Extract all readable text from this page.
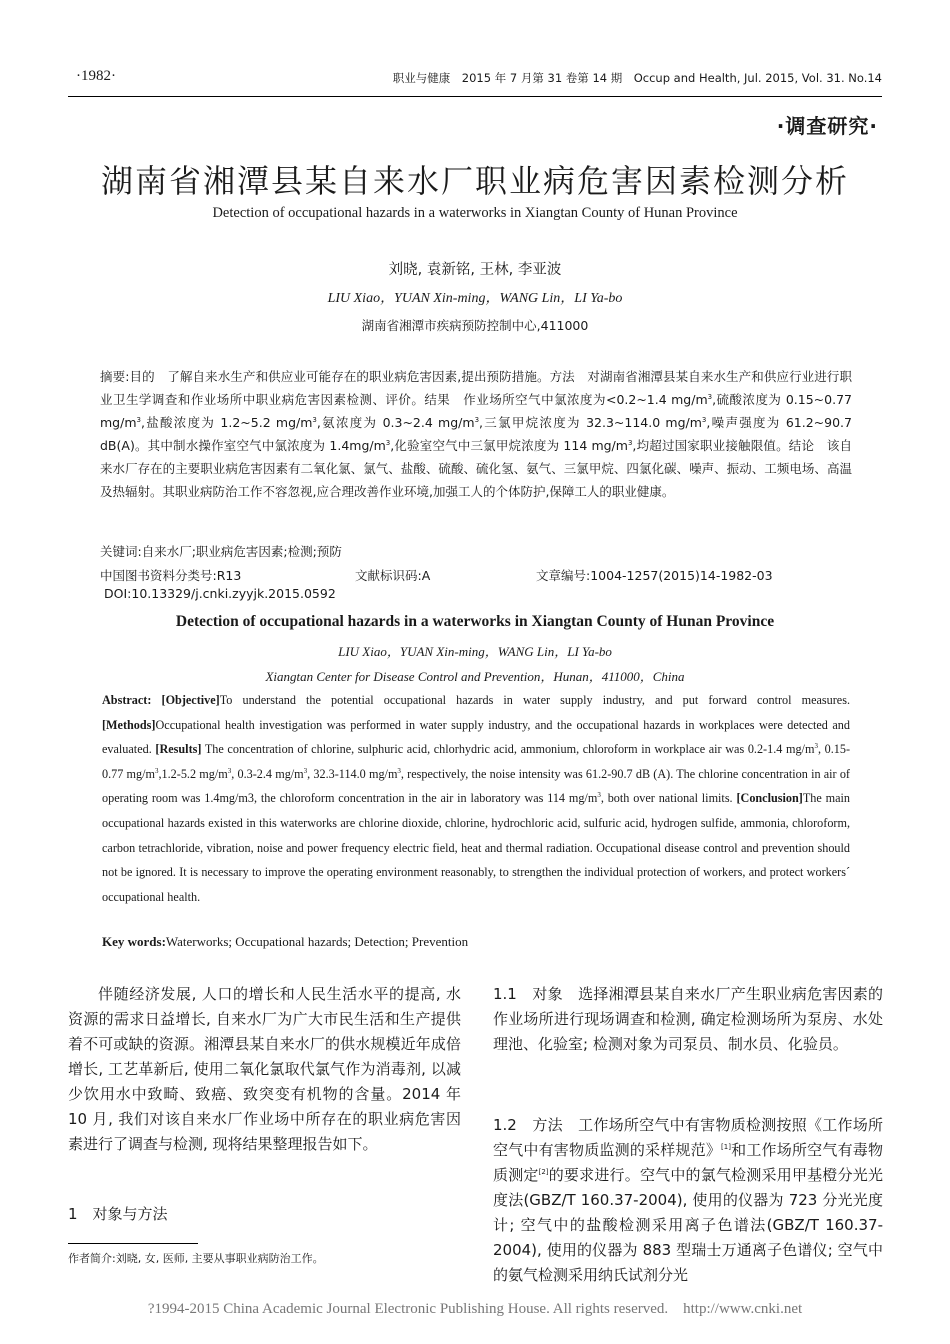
·1982·	职业与健康　2015 年 7 月第 31 卷第 14 期　Occup and Health, Jul. 2015, Vol. 31. No.14
·调查研究·
湖南省湘潭县某自来水厂职业病危害因素检测分析
Detection of occupational hazards in a waterworks in Xiangtan County of Hunan Province
刘晓, 袁新铭, 王林, 李亚波
LIU Xiao，YUAN Xin-ming，WANG Lin，LI Ya-bo
湖南省湘潭市疾病预防控制中心,411000
摘要:目的　了解自来水生产和供应业可能存在的职业病危害因素,提出预防措施。方法　对湖南省湘潭县某自来水生产和供应行业进行职业卫生学调查和作业场所中职业病危害因素检测、评价。结果　作业场所空气中氯浓度为<0.2~1.4 $mg/m^3$,硫酸浓度为 0.15~0.77 $mg/m^3$,盐酸浓度为 1.2~5.2 $mg/m^3$,氨浓度为 0.3~2.4 $mg/m^3$,三氯甲烷浓度为 32.3~114.0 $mg/m^3$,噪声强度为 61.2~90.7 dB(A)。其中制水操作室空气中氯浓度为 $1.4mg/m^3$,化验室空气中三氯甲烷浓度为 114 $mg/m^3$,均超过国家职业接触限值。结论　该自来水厂存在的主要职业病危害因素有二氧化氯、氯气、盐酸、硫酸、硫化氢、氨气、三氯甲烷、四氯化碳、噪声、振动、工频电场、高温及热辐射。其职业病防治工作不容忽视,应合理改善作业环境,加强工人的个体防护,保障工人的职业健康。
关键词:自来水厂;职业病危害因素;检测;预防
中国图书资料分类号:R13	文献标识码:A	文章编号:1004-1257(2015)14-1982-03
DOI:10.13329/j.cnki.zyyjk.2015.0592
Detection of occupational hazards in a waterworks in Xiangtan County of Hunan Province
LIU Xiao，YUAN Xin-ming，WANG Lin，LI Ya-bo
Xiangtan Center for Disease Control and Prevention，Hunan，411000，China
Abstract: [Objective]To understand the potential occupational hazards in water supply industry, and put forward control measures.[Methods]Occupational health investigation was performed in water supply industry, and the occupational hazards in workplaces were detected and evaluated. [Results] The concentration of chlorine, sulphuric acid, chlorhydric acid, ammonium, chloroform in workplace air was 0.2-1.4 $mg/m^3$, 0.15-0.77 $mg/m^3,1.2-5.2$ $mg/m^3$, 0.3-2.4 $mg/m^3$, 32.3-114.0 $mg/m^3$, respectively, the noise intensity was 61.2-90.7 dB (A). The chlorine concentration in air of operating room was 1.4mg/m3, the chloroform concentration in the air in laboratory was 114 $mg/m^3$, both over national limits. [Conclusion]The main occupational hazards existed in this waterworks are chlorine dioxide, chlorine, hydrochloric acid, sulfuric acid, hydrogen sulfide, ammonia, chloroform, carbon tetrachloride, vibration, noise and power frequency electric field, heat and thermal radiation. Occupational disease control and prevention should not be ignored. It is necessary to improve the operating environment reasonably, to strengthen the individual protection of workers, and protect workers´ occupational health.
Key words:Waterworks; Occupational hazards; Detection; Prevention
伴随经济发展, 人口的增长和人民生活水平的提高, 水资源的需求日益增长, 自来水厂为广大市民生活和生产提供着不可或缺的资源。湘潭县某自来水厂的供水规模近年成倍增长, 工艺革新后, 使用二氧化氯取代氯气作为消毒剂, 以减少饮用水中致畸、致癌、致突变有机物的含量。2014 年 10 月, 我们对该自来水厂作业场中所存在的职业病危害因素进行了调查与检测, 现将结果整理报告如下。
1　对象与方法
1.1　对象　选择湘潭县某自来水厂产生职业病危害因素的作业场所进行现场调查和检测, 确定检测场所为泵房、水处理池、化验室; 检测对象为司泵员、制水员、化验员。
1.2　方法　工作场所空气中有害物质检测按照《工作场所空气中有害物质监测的采样规范》[1]和工作场所空气有毒物质测定[2]的要求进行。空气中的氯气检测采用甲基橙分光光度法(GBZ/T 160.37-2004), 使用的仪器为 723 分光光度计; 空气中的盐酸检测采用离子色谱法(GBZ/T 160.37-2004), 使用的仪器为 883 型瑞士万通离子色谱仪; 空气中的氨气检测采用纳氏试剂分光
作者简介:刘晓, 女, 医师, 主要从事职业病防治工作。
?1994-2015 China Academic Journal Electronic Publishing House. All rights reserved.　http://www.cnki.net
